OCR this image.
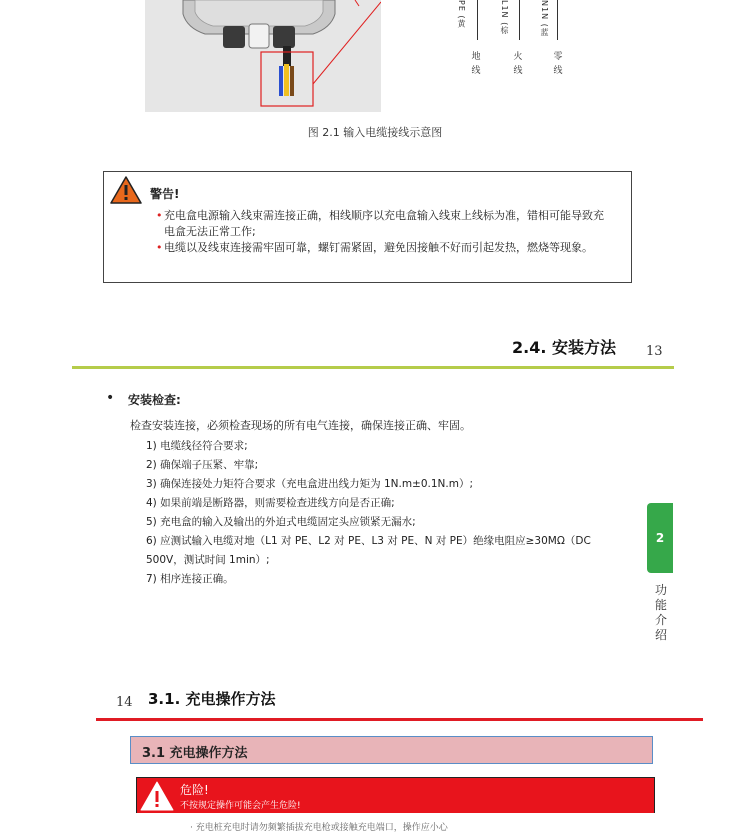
PE (黄	L1N (棕	N1N (蓝
地线
火线
零线
图 2.1 输入电缆接线示意图
警告!
• 充电盒电源输入线束需连接正确，相线顺序以充电盒输入线束上线标为准，错相可能导致充电盒无法正常工作;
• 电缆以及线束连接需牢固可靠，螺钉需紧固，避免因接触不好而引起发热，燃烧等现象。
2.4. 安装方法 13
• 安装检查:
检查安装连接，必须检查现场的所有电气连接，确保连接正确、牢固。
1) 电缆线径符合要求;
2) 确保端子压紧、牢靠;
3) 确保连接处力矩符合要求（充电盒进出线力矩为 1N.m±0.1N.m）;
4) 如果前端是断路器，则需要检查进线方向是否正确;
5) 充电盒的输入及输出的外迫式电缆固定头应锁紧无漏水;
6) 应测试输入电缆对地（L1 对 PE、L2 对 PE、L3 对 PE、N 对 PE）绝缘电阻应≥30MΩ（DC
500V，测试时间 1min）;
7) 相序连接正确。
2
功能介绍
14 3.1. 充电操作方法
3.1 充电操作方法
危险!
不按规定操作可能会产生危险!
· 充电桩充电时请勿频繁插拔充电枪或接触充电端口，操作应小心
